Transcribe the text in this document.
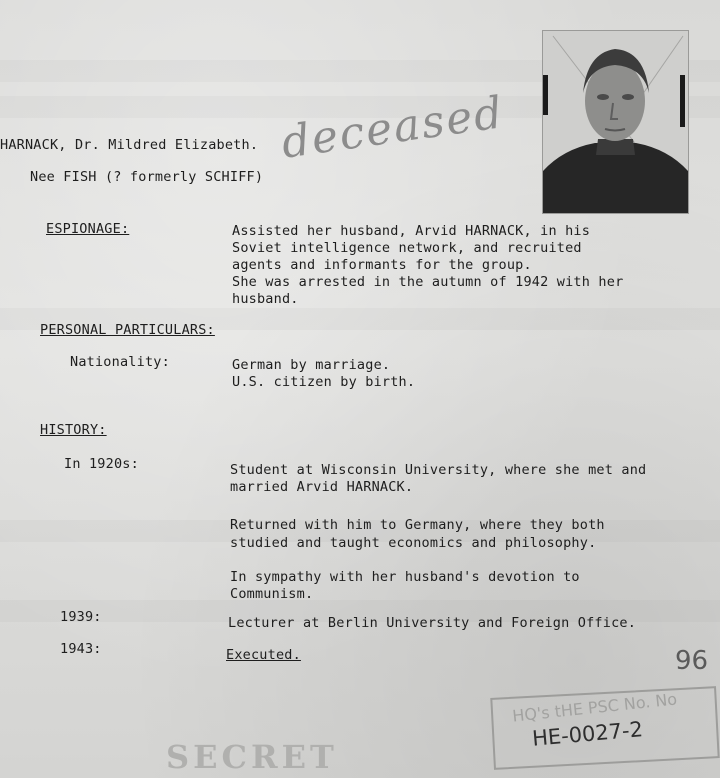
HARNACK, Dr. Mildred Elizabeth. deceased
Nee FISH (? formerly SCHIFF)
ESPIONAGE:	Assisted her husband, Arvid HARNACK, in his
Soviet intelligence network, and recruited
agents and informants for the group.
She was arrested in the autumn of 1942 with her
husband.
PERSONAL PARTICULARS:
Nationality:	German by marriage.
U.S. citizen by birth.
HISTORY:
In 1920s:	Student at Wisconsin University, where she met and
married Arvid HARNACK.
Returned with him to Germany, where they both
studied and taught economics and philosophy.
In sympathy with her husband's devotion to
Communism.
1939:	Lecturer at Berlin University and Foreign Office.
1943:	Executed.	96
HQ's tHE PSC No. No
HE-0027-2
SECRET
